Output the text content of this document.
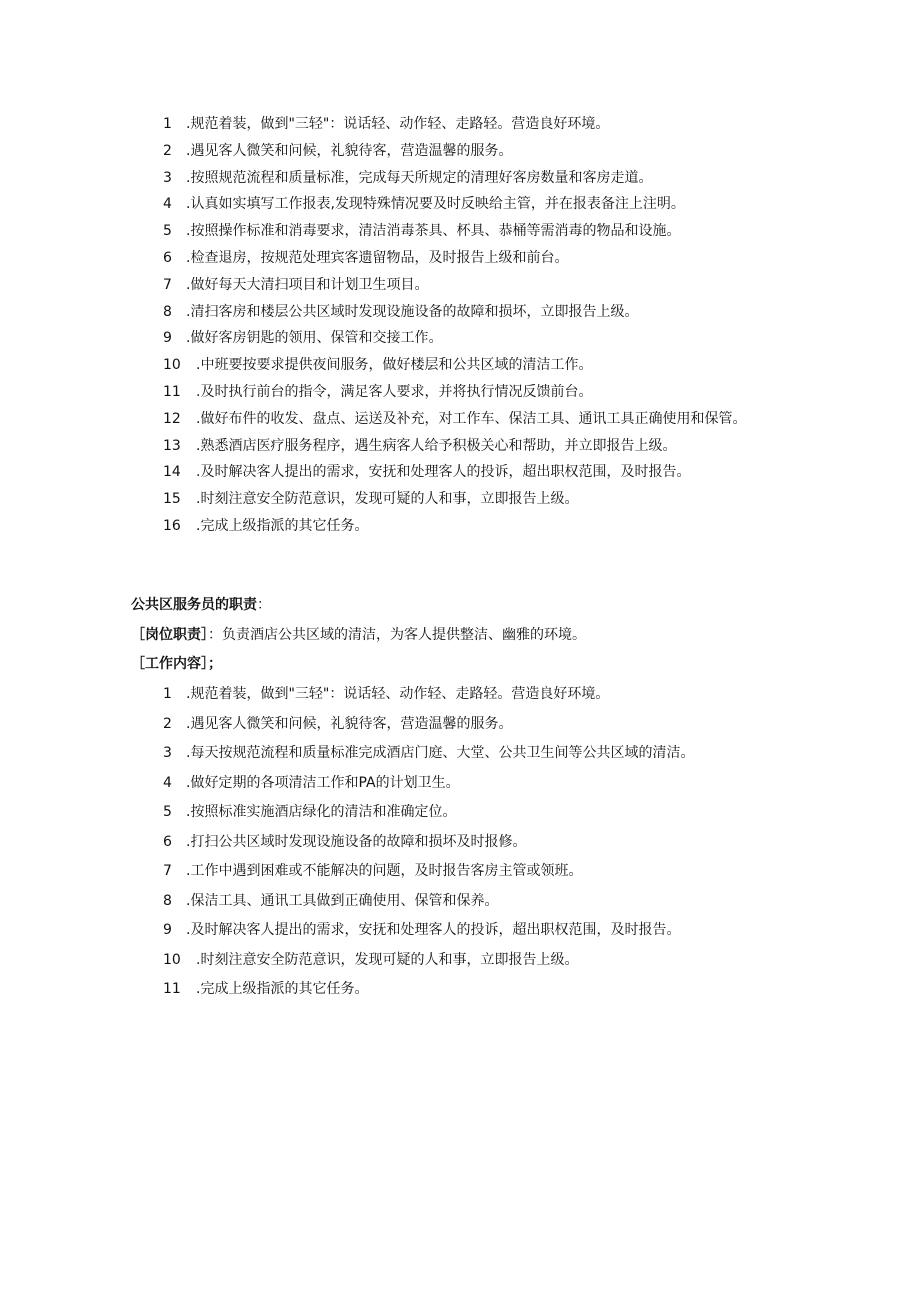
1 .规范着装，做到"三轻"：说话轻、动作轻、走路轻。营造良好环境。
2 .遇见客人微笑和问候，礼貌待客，营造温馨的服务。
3 .按照规范流程和质量标准，完成每天所规定的清理好客房数量和客房走道。
4 .认真如实填写工作报表,发现特殊情况要及时反映给主管，并在报表备注上注明。
5 .按照操作标准和消毒要求，清洁消毒茶具、杯具、恭桶等需消毒的物品和设施。
6 .检查退房，按规范处理宾客遗留物品，及时报告上级和前台。
7 .做好每天大清扫项目和计划卫生项目。
8 .清扫客房和楼层公共区域时发现设施设备的故障和损坏，立即报告上级。
9 .做好客房钥匙的领用、保管和交接工作。
10 .中班要按要求提供夜间服务，做好楼层和公共区域的清洁工作。
11 .及时执行前台的指令，满足客人要求，并将执行情况反馈前台。
12 .做好布件的收发、盘点、运送及补充，对工作车、保洁工具、通讯工具正确使用和保管。
13 .熟悉酒店医疗服务程序，遇生病客人给予积极关心和帮助，并立即报告上级。
14 .及时解决客人提出的需求，安抚和处理客人的投诉，超出职权范围，及时报告。
15 .时刻注意安全防范意识，发现可疑的人和事，立即报告上级。
16 .完成上级指派的其它任务。
公共区服务员的职责：
［岗位职责］：负责酒店公共区域的清洁，为客人提供整洁、幽雅的环境。
［工作内容］；
1 .规范着装，做到"三轻"：说话轻、动作轻、走路轻。营造良好环境。
2 .遇见客人微笑和问候，礼貌待客，营造温馨的服务。
3 .每天按规范流程和质量标准完成酒店门庭、大堂、公共卫生间等公共区域的清洁。
4 .做好定期的各项清洁工作和PA的计划卫生。
5 .按照标准实施酒店绿化的清洁和准确定位。
6 .打扫公共区域时发现设施设备的故障和损坏及时报修。
7 .工作中遇到困难或不能解决的问题，及时报告客房主管或领班。
8 .保洁工具、通讯工具做到正确使用、保管和保养。
9 .及时解决客人提出的需求，安抚和处理客人的投诉，超出职权范围，及时报告。
10 .时刻注意安全防范意识，发现可疑的人和事，立即报告上级。
11 .完成上级指派的其它任务。
